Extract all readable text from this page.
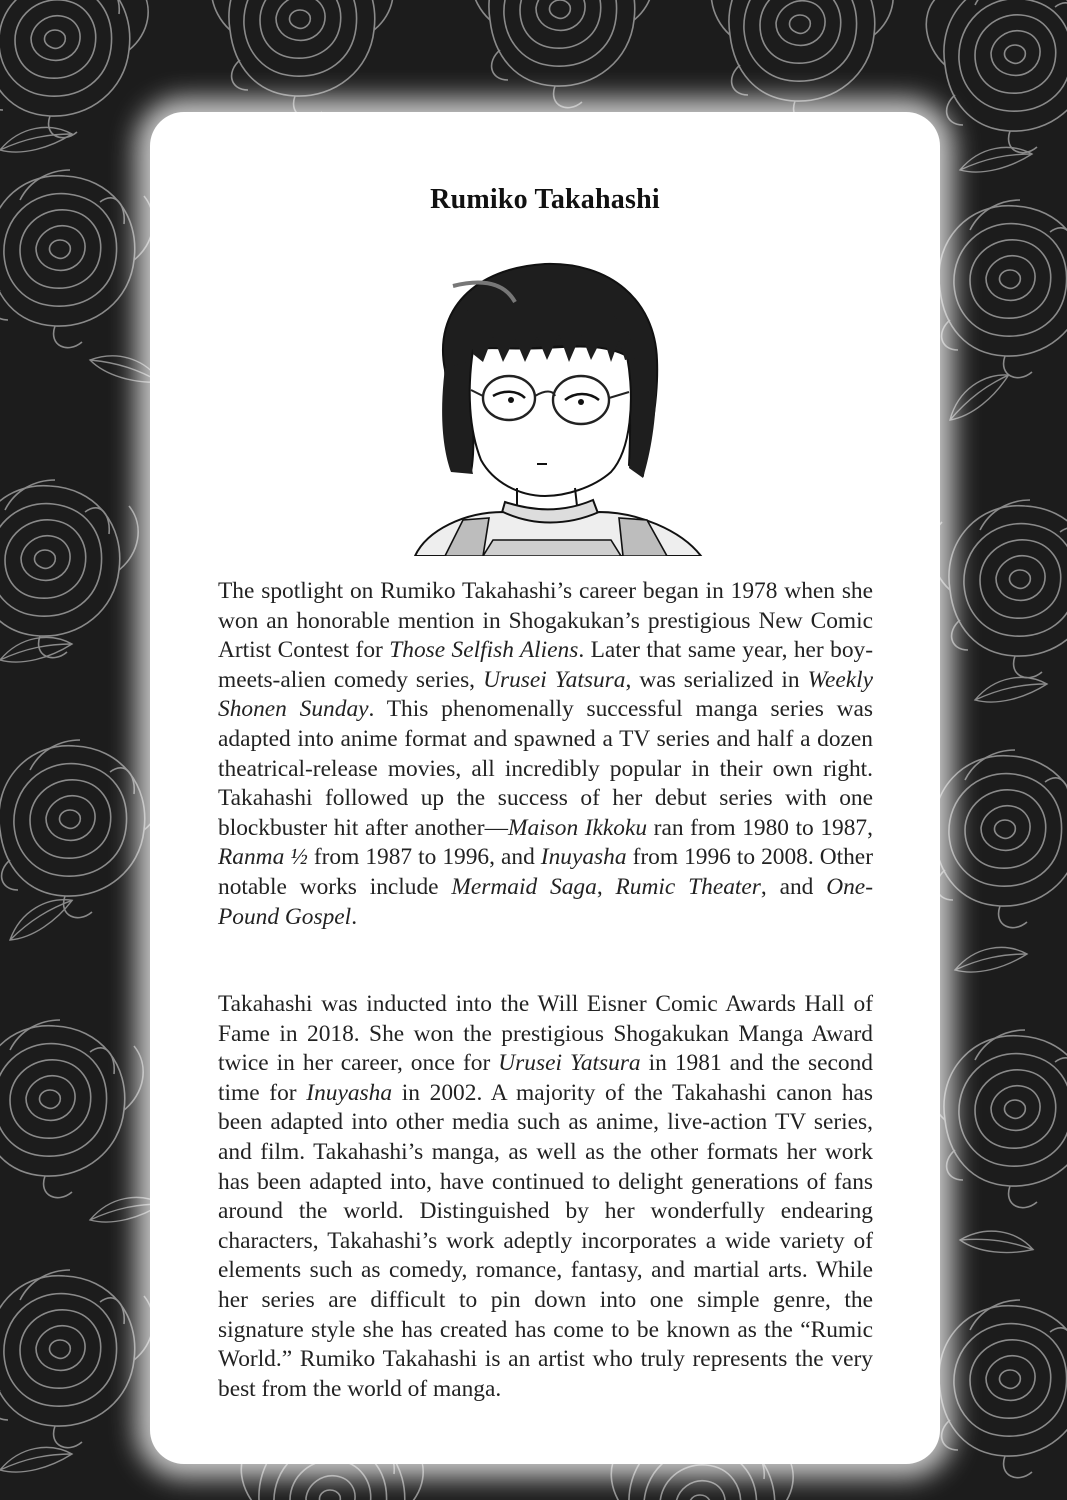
Rumiko Takahashi
The spotlight on Rumiko Takahashi’s career began in 1978 when she won an honorable mention in Shogakukan’s prestigious New Comic Artist Contest for Those Selfish Aliens. Later that same year, her boy-meets-alien comedy series, Urusei Yatsura, was serialized in Weekly Shonen Sunday. This phenomenally successful manga series was adapted into anime format and spawned a TV series and half a dozen theatrical-release movies, all incredibly popular in their own right. Takahashi followed up the success of her debut series with one blockbuster hit after another—Maison Ikkoku ran from 1980 to 1987, Ranma ½ from 1987 to 1996, and Inuyasha from 1996 to 2008. Other notable works include Mermaid Saga, Rumic Theater, and One-Pound Gospel.
Takahashi was inducted into the Will Eisner Comic Awards Hall of Fame in 2018. She won the prestigious Shogakukan Manga Award twice in her career, once for Urusei Yatsura in 1981 and the second time for Inuyasha in 2002. A majority of the Takahashi canon has been adapted into other media such as anime, live-action TV series, and film. Takahashi’s manga, as well as the other formats her work has been adapted into, have continued to delight generations of fans around the world. Distinguished by her wonderfully endearing characters, Takahashi’s work adeptly incorporates a wide variety of elements such as comedy, romance, fantasy, and martial arts. While her series are difficult to pin down into one simple genre, the signature style she has created has come to be known as the “Rumic World.” Rumiko Takahashi is an artist who truly represents the very best from the world of manga.
